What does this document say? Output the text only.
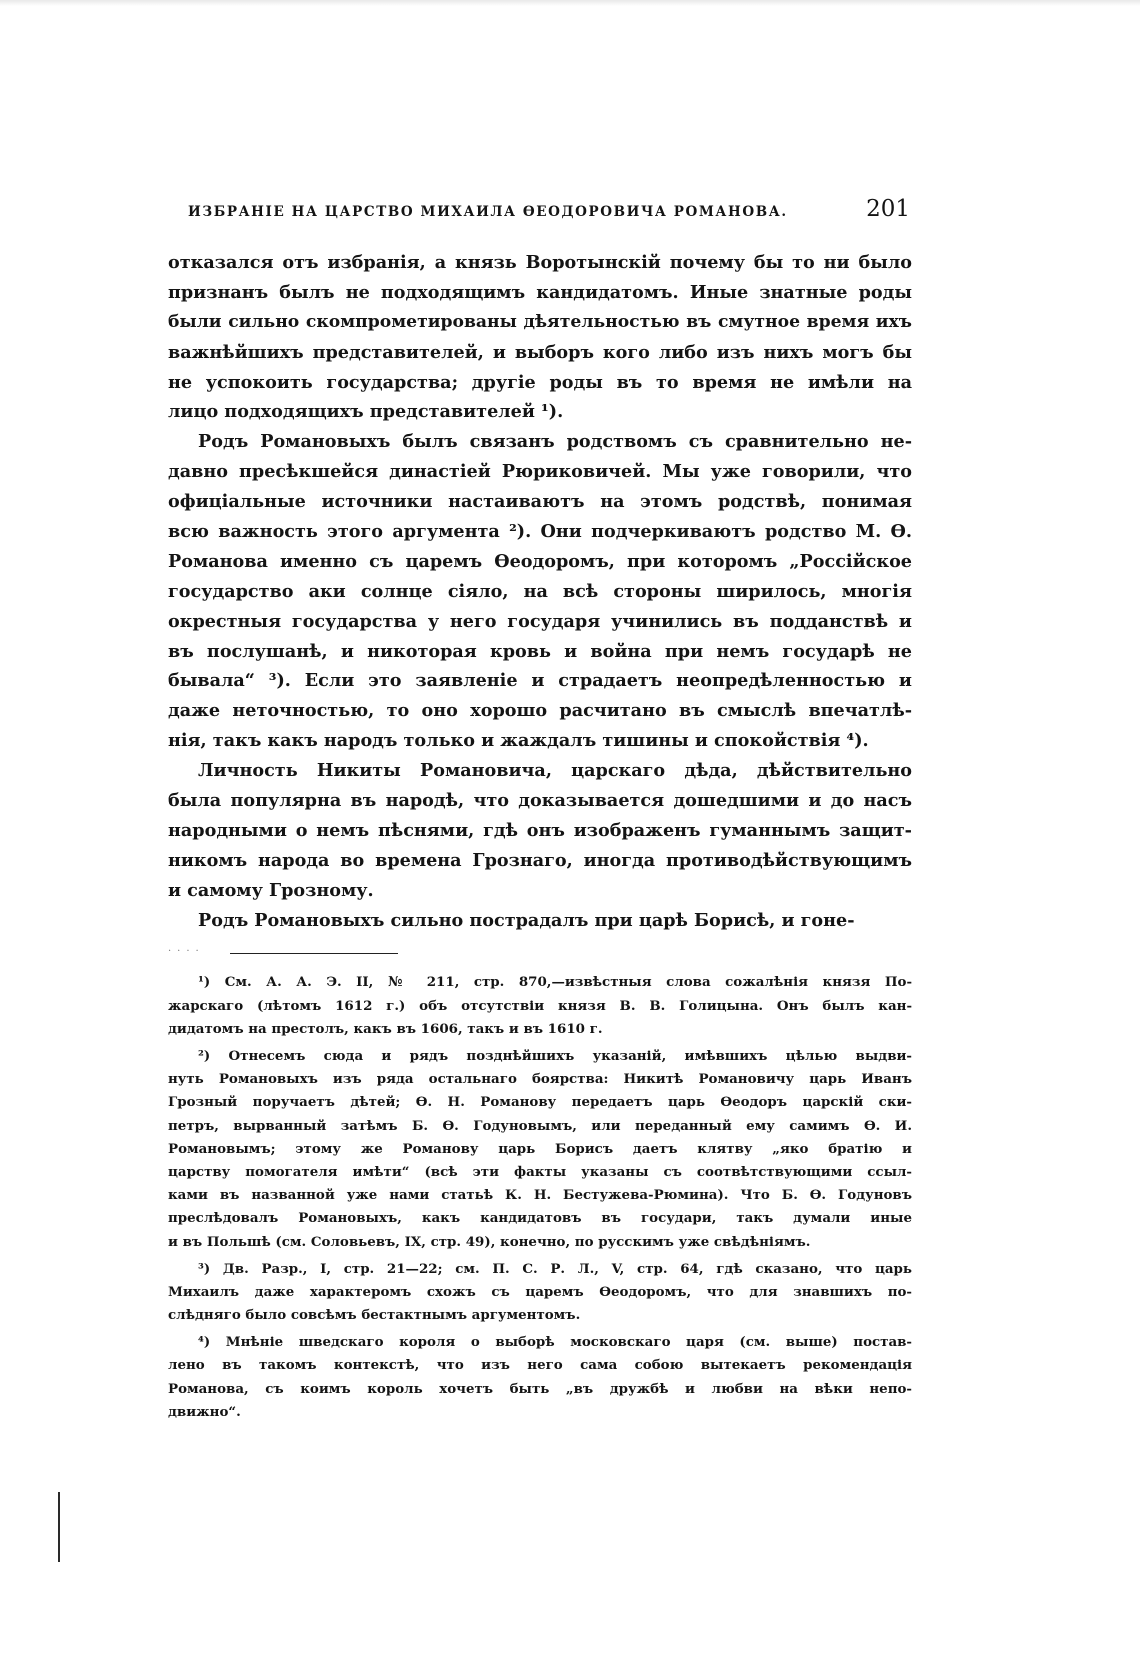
ИЗБРАНІЕ НА ЦАРСТВО МИХАИЛА ѲЕОДОРОВИЧА РОМАНОВА.	201
отказался отъ избранія, а князь Воротынскій почему бы то ни было
признанъ былъ не подходящимъ кандидатомъ. Иные знатные роды
были сильно скомпрометированы дѣятельностью въ смутное время ихъ
важнѣйшихъ представителей, и выборъ кого либо изъ нихъ могъ бы
не успокоить государства; другіе роды въ то время не имѣли на
лицо подходящихъ представителей ¹).
Родъ Романовыхъ былъ связанъ родствомъ съ сравнительно не-
давно пресѣкшейся династіей Рюриковичей. Мы уже говорили, что
офиціальные источники настаиваютъ на этомъ родствѣ, понимая
всю важность этого аргумента ²). Они подчеркиваютъ родство М. Ѳ.
Романова именно съ царемъ Ѳеодоромъ, при которомъ „Россійское
государство аки солнце сіяло, на всѣ стороны ширилось, многія
окрестныя государства у него государя учинились въ подданствѣ и
въ послушанѣ, и никоторая кровь и война при немъ государѣ не
бывала“ ³). Если это заявленіе и страдаетъ неопредѣленностью и
даже неточностью, то оно хорошо расчитано въ смыслѣ впечатлѣ-
нія, такъ какъ народъ только и жаждалъ тишины и спокойствія ⁴).
Личность Никиты Романовича, царскаго дѣда, дѣйствительно
была популярна въ народѣ, что доказывается дошедшими и до насъ
народными о немъ пѣснями, гдѣ онъ изображенъ гуманнымъ защит-
никомъ народа во времена Грознаго, иногда противодѣйствующимъ
и самому Грозному.
Родъ Романовыхъ сильно пострадалъ при царѣ Борисѣ, и гоне-
....
¹) См. А. А. Э. II, № 211, стр. 870,—извѣстныя слова сожалѣнія князя По-
жарскаго (лѣтомъ 1612 г.) объ отсутствіи князя В. В. Голицына. Онъ былъ кан-
дидатомъ на престолъ, какъ въ 1606, такъ и въ 1610 г.
²) Отнесемъ сюда и рядъ позднѣйшихъ указаній, имѣвшихъ цѣлью выдви-
нуть Романовыхъ изъ ряда остальнаго боярства: Никитѣ Романовичу царь Иванъ
Грозный поручаетъ дѣтей; Ѳ. Н. Романову передаетъ царь Ѳеодоръ царскій ски-
петръ, вырванный затѣмъ Б. Ѳ. Годуновымъ, или переданный ему самимъ Ѳ. И.
Романовымъ; этому же Романову царь Борисъ даетъ клятву „яко братію и
царству помогателя имѣти“ (всѣ эти факты указаны съ соотвѣтствующими ссыл-
ками въ названной уже нами статьѣ К. Н. Бестужева-Рюмина). Что Б. Ѳ. Годуновъ
преслѣдовалъ Романовыхъ, какъ кандидатовъ въ государи, такъ думали иные
и въ Польшѣ (см. Соловьевъ, IX, стр. 49), конечно, по русскимъ уже свѣдѣніямъ.
³) Дв. Разр., I, стр. 21—22; см. П. С. Р. Л., V, стр. 64, гдѣ сказано, что царь
Михаилъ даже характеромъ схожъ съ царемъ Ѳеодоромъ, что для знавшихъ по-
слѣдняго было совсѣмъ бестактнымъ аргументомъ.
⁴) Мнѣніе шведскаго короля о выборѣ московскаго царя (см. выше) постав-
лено въ такомъ контекстѣ, что изъ него сама собою вытекаетъ рекомендація
Романова, съ коимъ король хочетъ быть „въ дружбѣ и любви на вѣки непо-
движно“.
